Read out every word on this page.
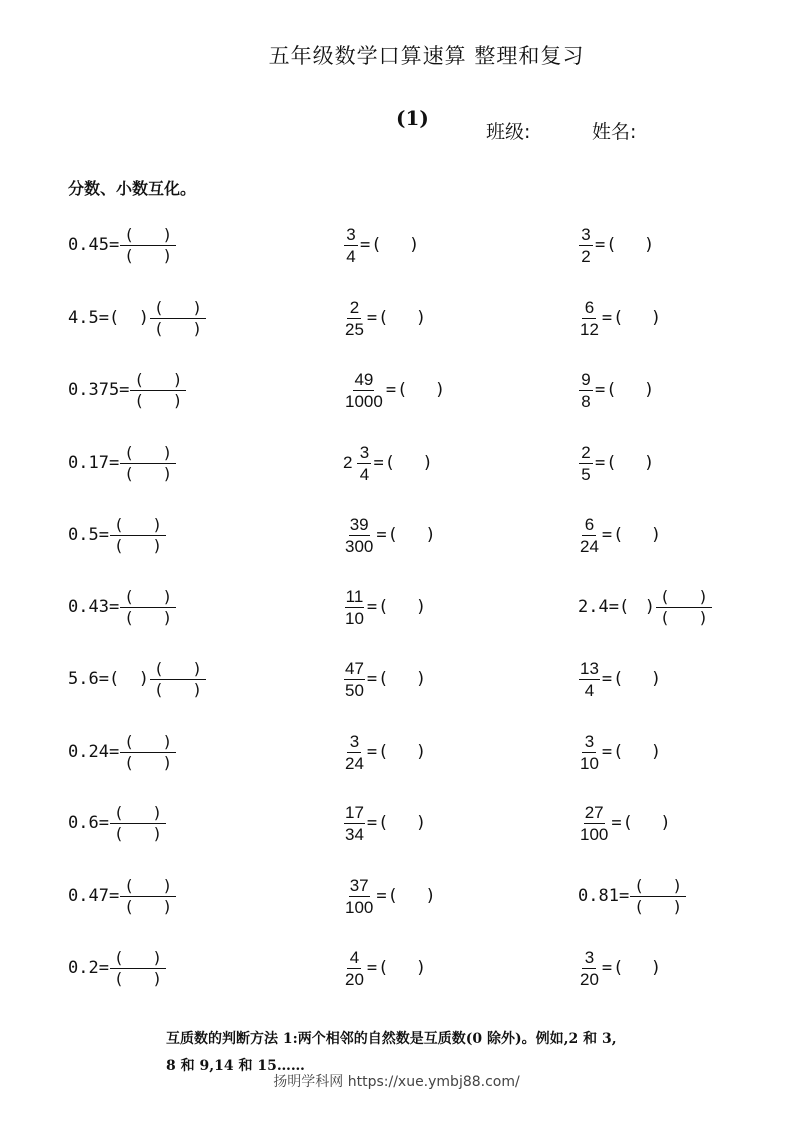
五年级数学口算速算 整理和复习
(1)
班级:	姓名:
分数、小数互化。
$0.45= \frac{( )}{( )}$
4.5= ( ) $\frac{( )}{( )}$
$0.375= \frac{( )}{( )}$
$0.17= \frac{( )}{( )}$
$0.5= \frac{( )}{( )}$
$0.43= \frac{( )}{( )}$
5.6= ( ) $\frac{( )}{( )}$
$0.24= \frac{( )}{( )}$
$0.6= \frac{( )}{( )}$
$0.47= \frac{( )}{( )}$
$0.2= \frac{( )}{( )}$
$\frac{3}{4}$ = ( )
$\frac{2}{25}$ = ( )
$\frac{49}{1000}$ = ( )
$2 \frac{3}{4}$ = ( )
$\frac{39}{300}$ = ( )
$\frac{11}{10}$ = ( )
$\frac{47}{50}$ = ( )
$\frac{3}{24}$ = ( )
$\frac{17}{34}$ = ( )
$\frac{37}{100}$ = ( )
$\frac{4}{20}$ = ( )
$\frac{3}{2}$ = ( )
$\frac{6}{12}$ = ( )
$\frac{9}{8}$ = ( )
$\frac{2}{5}$ = ( )
$\frac{6}{24}$ = ( )
2.4= ( ) $\frac{( )}{( )}$
$\frac{13}{4}$ = ( )
$\frac{3}{10}$ = ( )
$\frac{27}{100}$ = ( )
$0.81= \frac{( )}{( )}$
$\frac{3}{20}$ = ( )
互质数的判断方法 1:两个相邻的自然数是互质数(0 除外)。例如,2 和 3,
8 和 9,14 和 15……
扬明学科网 https://xue.ymbj88.com/
